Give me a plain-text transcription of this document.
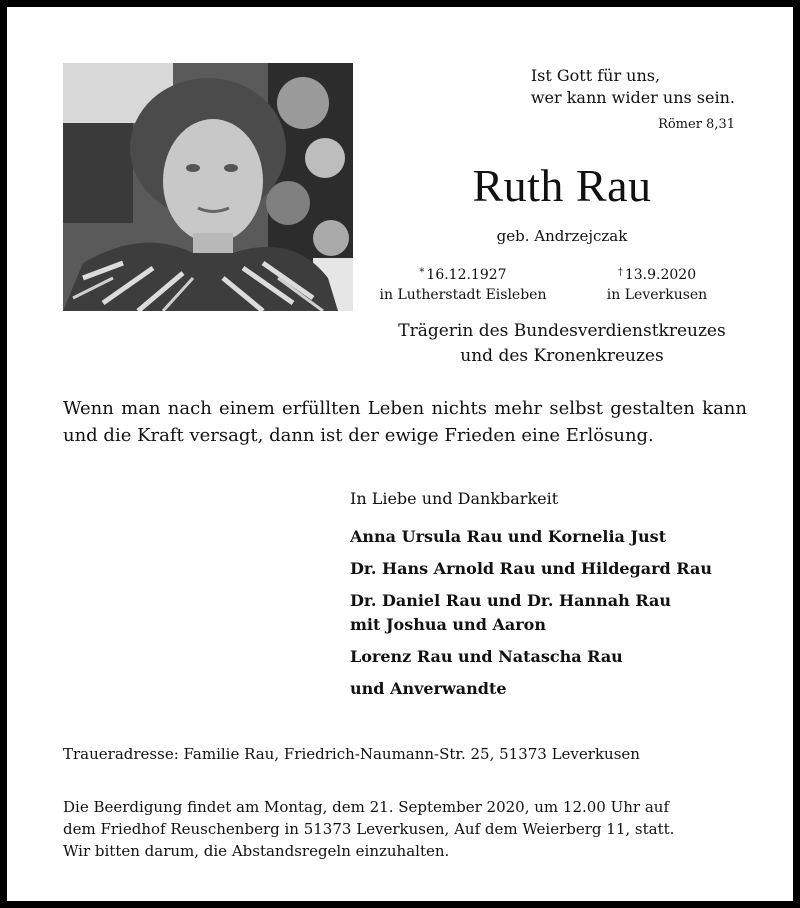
Ist Gott für uns,
wer kann wider uns sein.
Römer 8,31
Ruth Rau
geb. Andrzejczak
* 16.12.1927
in Lutherstadt Eisleben
† 13.9.2020
in Leverkusen
Trägerin des Bundesverdienstkreuzes
und des Kronenkreuzes
Wenn man nach einem erfüllten Leben nichts mehr selbst gestalten kann und die Kraft versagt, dann ist der ewige Frieden eine Erlösung.
In Liebe und Dankbarkeit
Anna Ursula Rau und Kornelia Just
Dr. Hans Arnold Rau und Hildegard Rau
Dr. Daniel Rau und Dr. Hannah Rau
mit Joshua und Aaron
Lorenz Rau und Natascha Rau
und Anverwandte
Traueradresse: Familie Rau, Friedrich-Naumann-Str. 25, 51373 Leverkusen
Die Beerdigung findet am Montag, dem 21. September 2020, um 12.00 Uhr auf
dem Friedhof Reuschenberg in 51373 Leverkusen, Auf dem Weierberg 11, statt.
Wir bitten darum, die Abstandsregeln einzuhalten.
